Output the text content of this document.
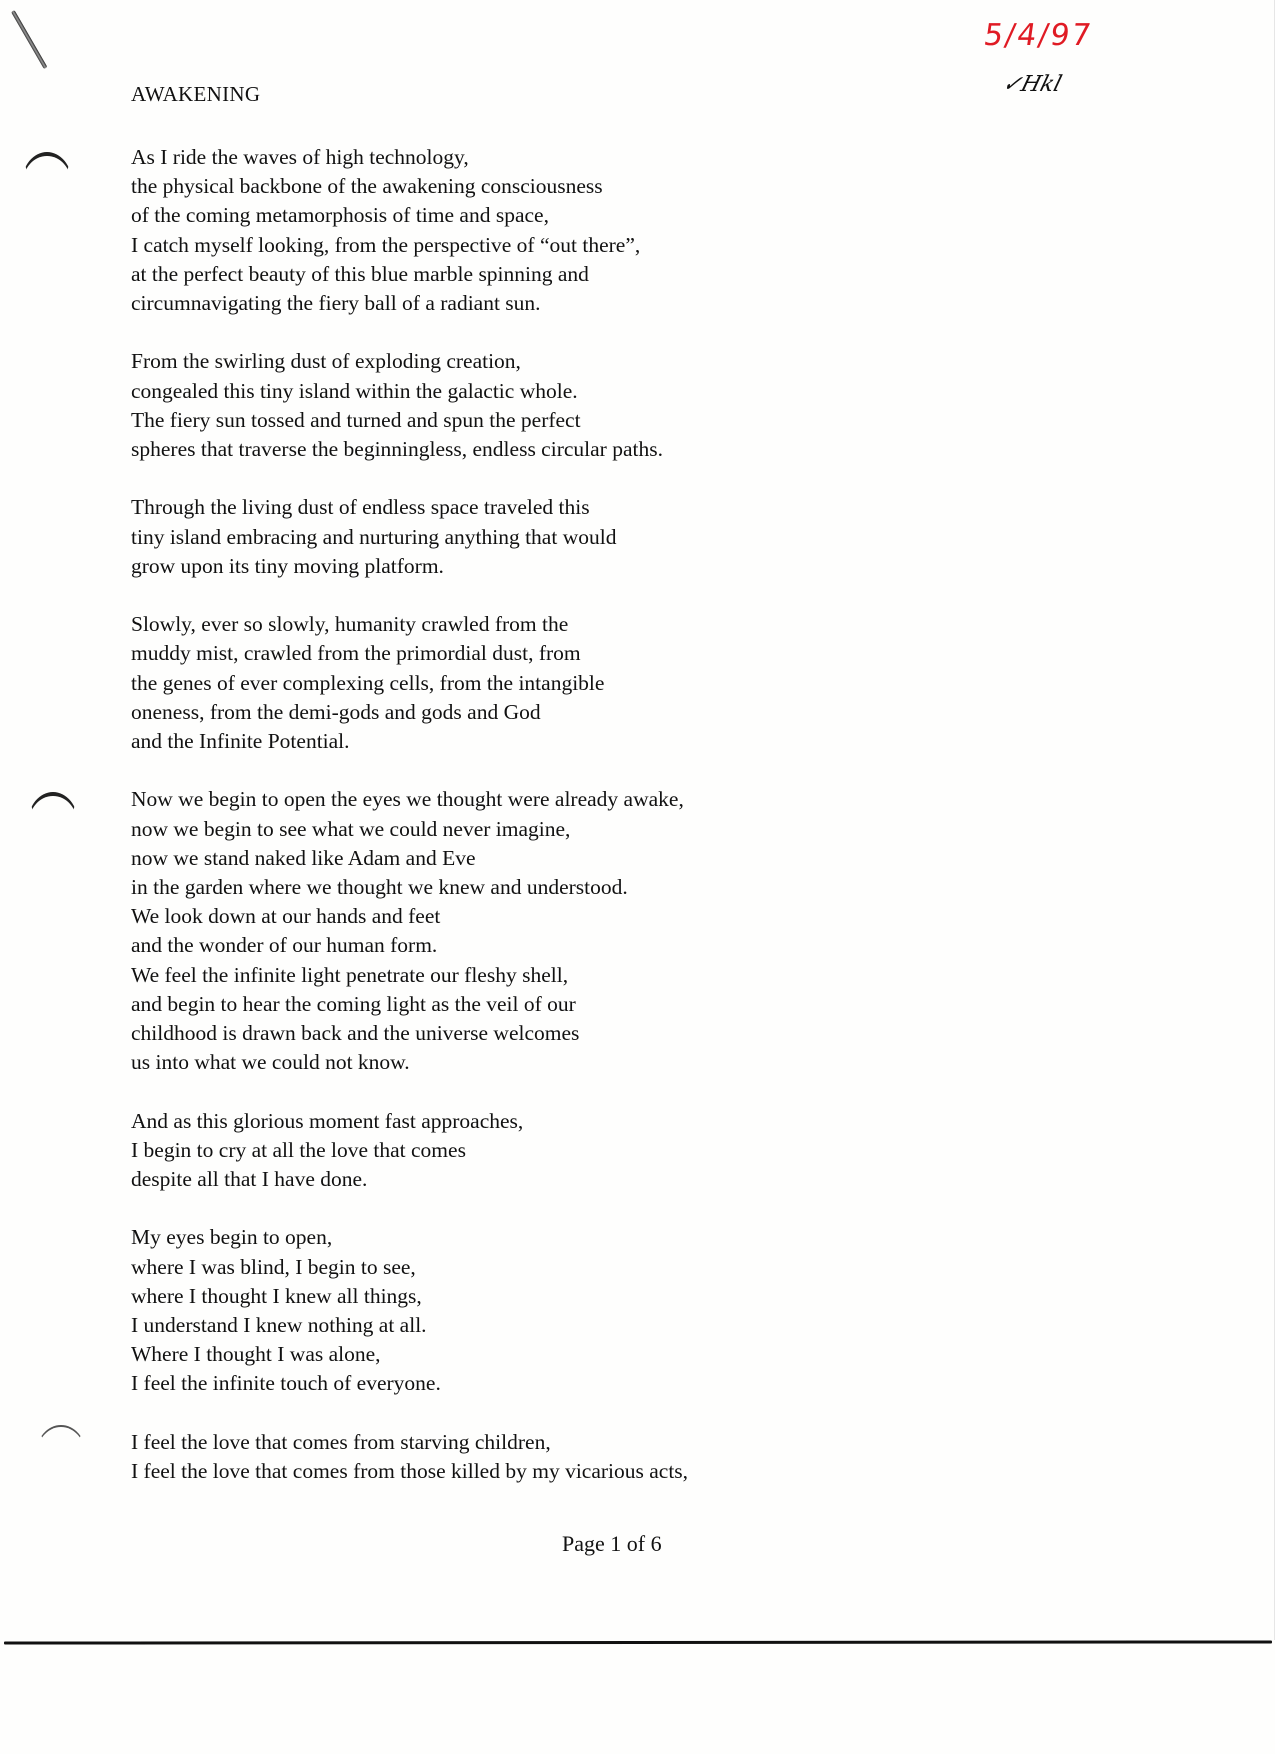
5/4/97
✓Hkl
AWAKENING
As I ride the waves of high technology,
the physical backbone of the awakening consciousness
of the coming metamorphosis of time and space,
I catch myself looking, from the perspective of “out there”,
at the perfect beauty of this blue marble spinning and
circumnavigating the fiery ball of a radiant sun.
From the swirling dust of exploding creation,
congealed this tiny island within the galactic whole.
The fiery sun tossed and turned and spun the perfect
spheres that traverse the beginningless, endless circular paths.
Through the living dust of endless space traveled this
tiny island embracing and nurturing anything that would
grow upon its tiny moving platform.
Slowly, ever so slowly, humanity crawled from the
muddy mist, crawled from the primordial dust, from
the genes of ever complexing cells, from the intangible
oneness, from the demi-gods and gods and God
and the Infinite Potential.
Now we begin to open the eyes we thought were already awake,
now we begin to see what we could never imagine,
now we stand naked like Adam and Eve
in the garden where we thought we knew and understood.
We look down at our hands and feet
and the wonder of our human form.
We feel the infinite light penetrate our fleshy shell,
and begin to hear the coming light as the veil of our
childhood is drawn back and the universe welcomes
us into what we could not know.
And as this glorious moment fast approaches,
I begin to cry at all the love that comes
despite all that I have done.
My eyes begin to open,
where I was blind, I begin to see,
where I thought I knew all things,
I understand I knew nothing at all.
Where I thought I was alone,
I feel the infinite touch of everyone.
I feel the love that comes from starving children,
I feel the love that comes from those killed by my vicarious acts,
Page 1 of 6
